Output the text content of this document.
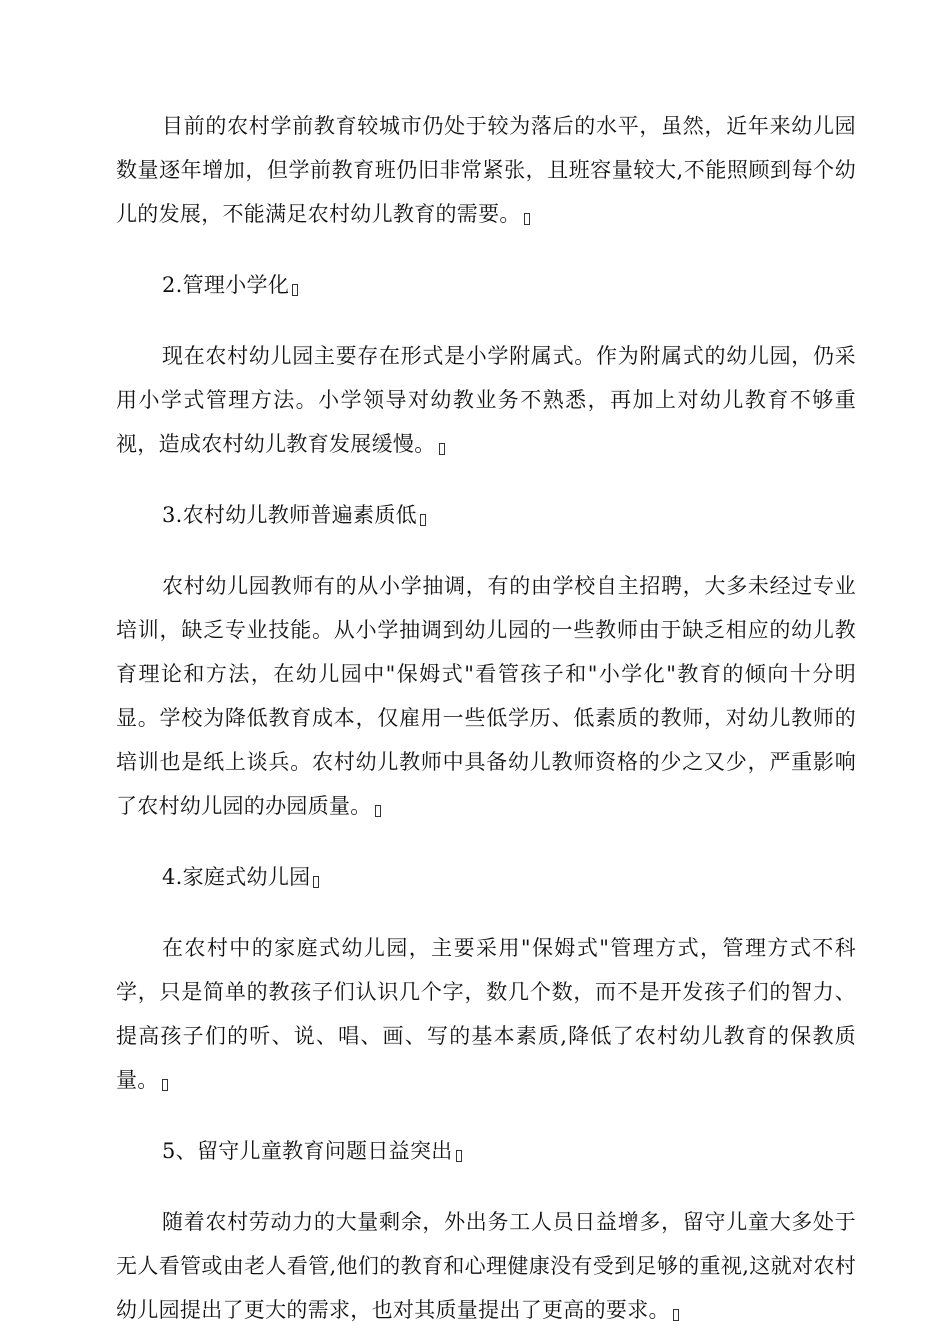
目前的农村学前教育较城市仍处于较为落后的水平，虽然，近年来幼儿园数量逐年增加，但学前教育班仍旧非常紧张，且班容量较大,不能照顾到每个幼儿的发展，不能满足农村幼儿教育的需要。

2.管理小学化

现在农村幼儿园主要存在形式是小学附属式。作为附属式的幼儿园，仍采用小学式管理方法。小学领导对幼教业务不熟悉，再加上对幼儿教育不够重视，造成农村幼儿教育发展缓慢。

3.农村幼儿教师普遍素质低

农村幼儿园教师有的从小学抽调，有的由学校自主招聘，大多未经过专业培训，缺乏专业技能。从小学抽调到幼儿园的一些教师由于缺乏相应的幼儿教育理论和方法，在幼儿园中"保姆式"看管孩子和"小学化"教育的倾向十分明显。学校为降低教育成本，仅雇用一些低学历、低素质的教师，对幼儿教师的培训也是纸上谈兵。农村幼儿教师中具备幼儿教师资格的少之又少，严重影响了农村幼儿园的办园质量。

4.家庭式幼儿园

在农村中的家庭式幼儿园，主要采用"保姆式"管理方式，管理方式不科学，只是简单的教孩子们认识几个字，数几个数，而不是开发孩子们的智力、提高孩子们的听、说、唱、画、写的基本素质,降低了农村幼儿教育的保教质量。

5、留守儿童教育问题日益突出

随着农村劳动力的大量剩余，外出务工人员日益增多，留守儿童大多处于无人看管或由老人看管,他们的教育和心理健康没有受到足够的重视,这就对农村幼儿园提出了更大的需求，也对其质量提出了更高的要求。
